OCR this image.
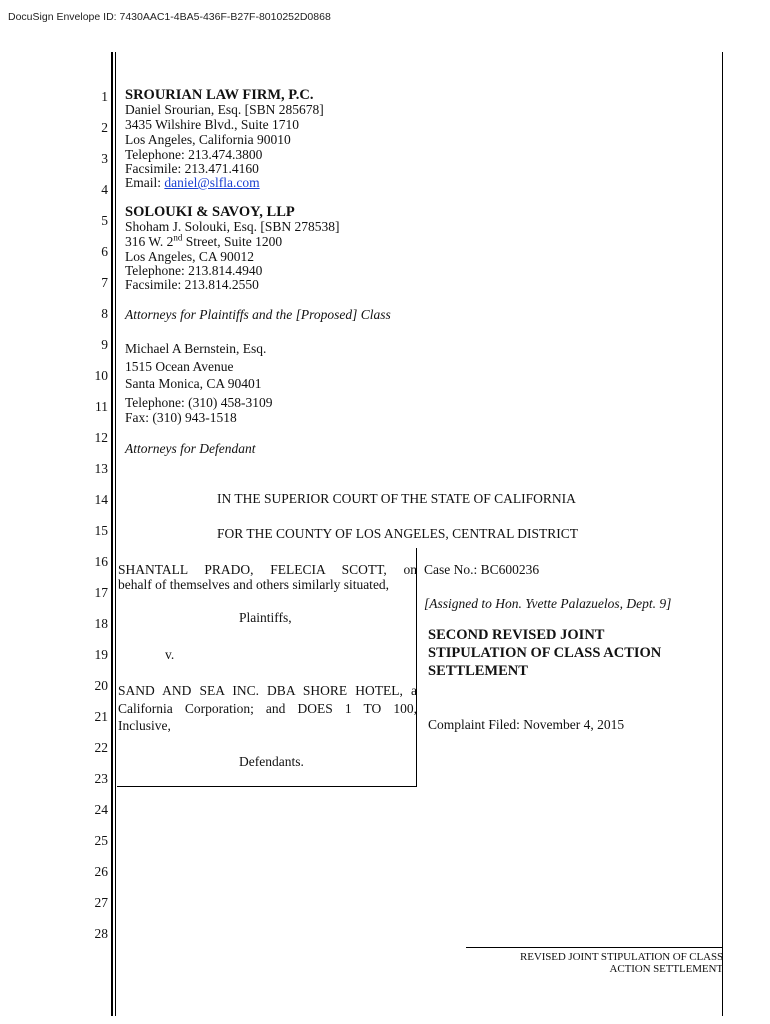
DocuSign Envelope ID: 7430AAC1-4BA5-436F-B27F-8010252D0868
1
2
3
4
5
6
7
8
9
10
11
12
13
14
15
16
17
18
19
20
21
22
23
24
25
26
27
28
SROURIAN LAW FIRM, P.C.
Daniel Srourian, Esq. [SBN 285678]
3435 Wilshire Blvd., Suite 1710
Los Angeles, California 90010
Telephone: 213.474.3800
Facsimile: 213.471.4160
Email: daniel@slfla.com
SOLOUKI & SAVOY, LLP
Shoham J. Solouki, Esq. [SBN 278538]
316 W. 2nd Street, Suite 1200
Los Angeles, CA 90012
Telephone: 213.814.4940
Facsimile: 213.814.2550
Attorneys for Plaintiffs and the [Proposed] Class
Michael A Bernstein, Esq.
1515 Ocean Avenue
Santa Monica, CA 90401
Telephone: (310) 458-3109
Fax: (310) 943-1518
Attorneys for Defendant
IN THE SUPERIOR COURT OF THE STATE OF CALIFORNIA
FOR THE COUNTY OF LOS ANGELES, CENTRAL DISTRICT
SHANTALL PRADO, FELECIA SCOTT, on
behalf of themselves and others similarly situated,
Plaintiffs,
v.
SAND AND SEA INC. DBA SHORE HOTEL, a
California Corporation; and DOES 1 TO 100,
Inclusive,
Defendants.
Case No.: BC600236
[Assigned to Hon. Yvette Palazuelos, Dept. 9]
SECOND REVISED JOINT
STIPULATION OF CLASS ACTION
SETTLEMENT
Complaint Filed: November 4, 2015
REVISED JOINT STIPULATION OF CLASS
ACTION SETTLEMENT
